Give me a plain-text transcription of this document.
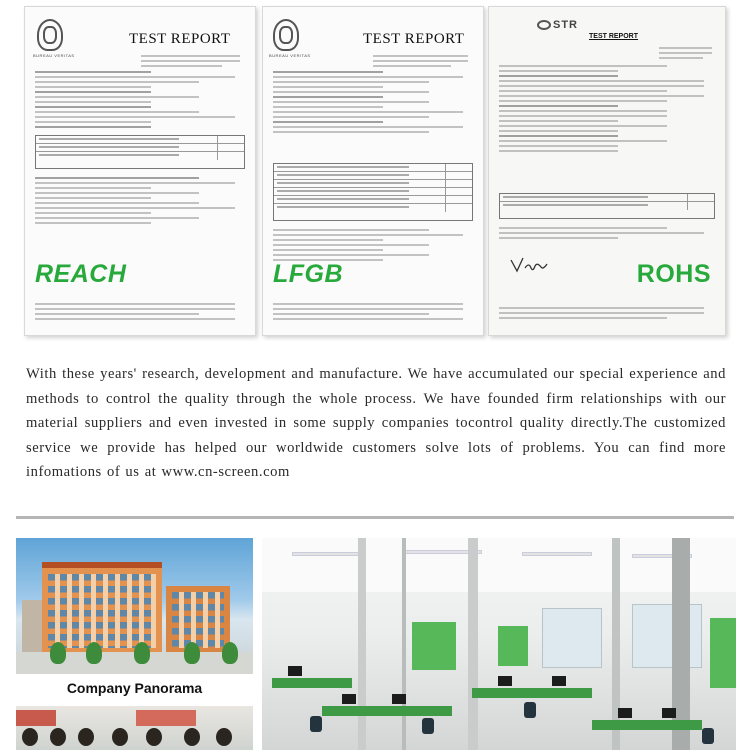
BUREAU VERITAS
TEST REPORT
REACH
BUREAU VERITAS
TEST REPORT
LFGB
STR
TEST REPORT
ROHS

With these years' research, development and manufacture. We have accumulated our special experience and methods to control the quality through the whole process. We have founded firm relationships with our material suppliers and even invested in some supply companies tocontrol quality directly.The customized service we provide has helped our worldwide customers solve lots of problems. You can find more infomations of us at www.cn-screen.com

Company Panorama
